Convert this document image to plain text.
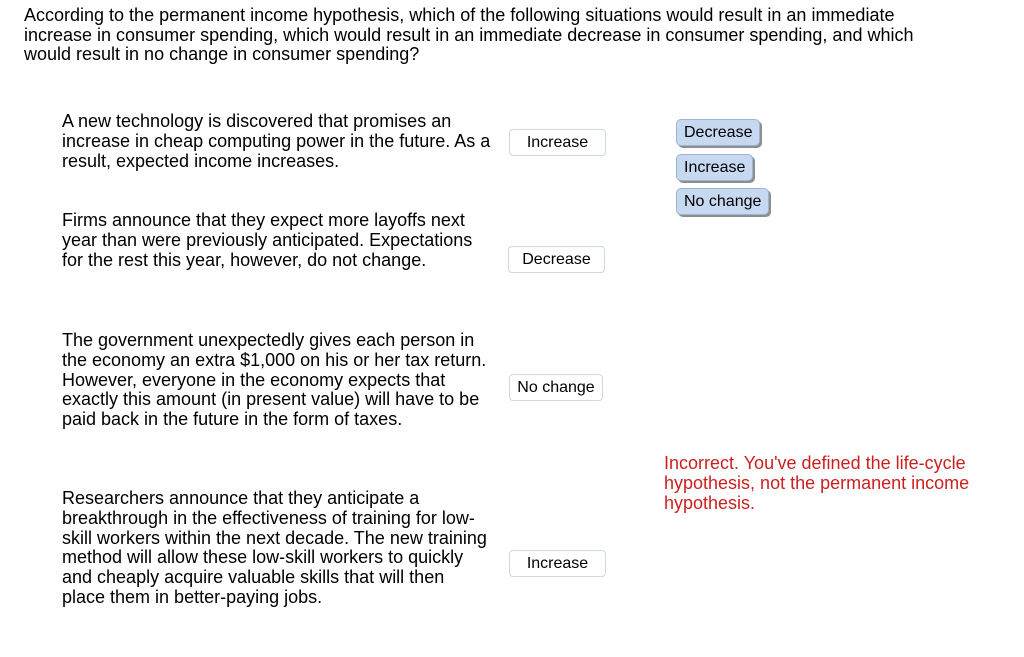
According to the permanent income hypothesis, which of the following situations would result in an immediate increase in consumer spending, which would result in an immediate decrease in consumer spending, and which would result in no change in consumer spending?

A new technology is discovered that promises an increase in cheap computing power in the future. As a result, expected income increases.

Increase

Firms announce that they expect more layoffs next year than were previously anticipated. Expectations for the rest this year, however, do not change.	Decrease

The government unexpectedly gives each person in the economy an extra $1,000 on his or her tax return. However, everyone in the economy expects that exactly this amount (in present value) will have to be paid back in the future in the form of taxes.

No change

Researchers announce that they anticipate a breakthrough in the effectiveness of training for low-skill workers within the next decade. The new training method will allow these low-skill workers to quickly and cheaply acquire valuable skills that will then place them in better-paying jobs.

Increase
Decrease
Increase
No change

Incorrect. You've defined the life-cycle hypothesis, not the permanent income hypothesis.
